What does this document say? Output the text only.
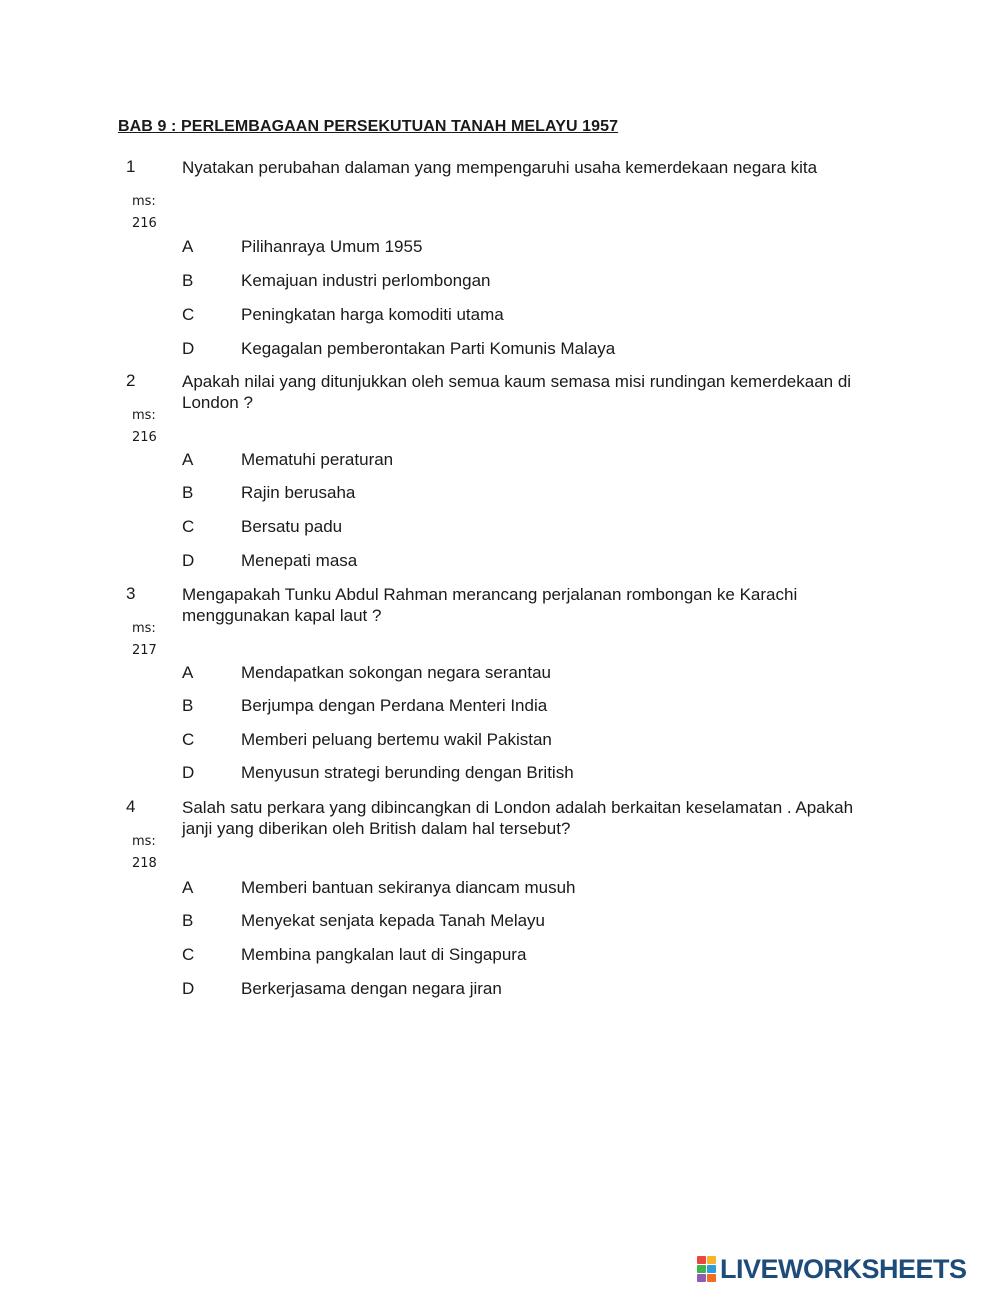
BAB 9 : PERLEMBAGAAN PERSEKUTUAN TANAH MELAYU 1957
1
ms:
216
Nyatakan perubahan dalaman yang mempengaruhi usaha kemerdekaan negara kita
A	Pilihanraya Umum 1955
B	Kemajuan industri perlombongan
C	Peningkatan harga komoditi utama
D	Kegagalan pemberontakan Parti Komunis Malaya
2
ms:
216
Apakah nilai yang ditunjukkan oleh semua kaum semasa misi rundingan kemerdekaan di London ?
A	Mematuhi peraturan
B	Rajin berusaha
C	Bersatu padu
D	Menepati masa
3
ms:
217
Mengapakah Tunku Abdul Rahman merancang perjalanan rombongan ke Karachi menggunakan kapal laut ?
A	Mendapatkan sokongan negara serantau
B	Berjumpa dengan Perdana Menteri India
C	Memberi peluang bertemu wakil Pakistan
D	Menyusun strategi berunding dengan British
4
ms:
218
Salah satu perkara yang dibincangkan di London adalah berkaitan keselamatan . Apakah janji yang diberikan oleh British dalam hal tersebut?
A	Memberi bantuan sekiranya diancam musuh
B	Menyekat senjata kepada Tanah Melayu
C	Membina pangkalan laut di Singapura
D	Berkerjasama dengan negara jiran
LIVEWORKSHEETS
